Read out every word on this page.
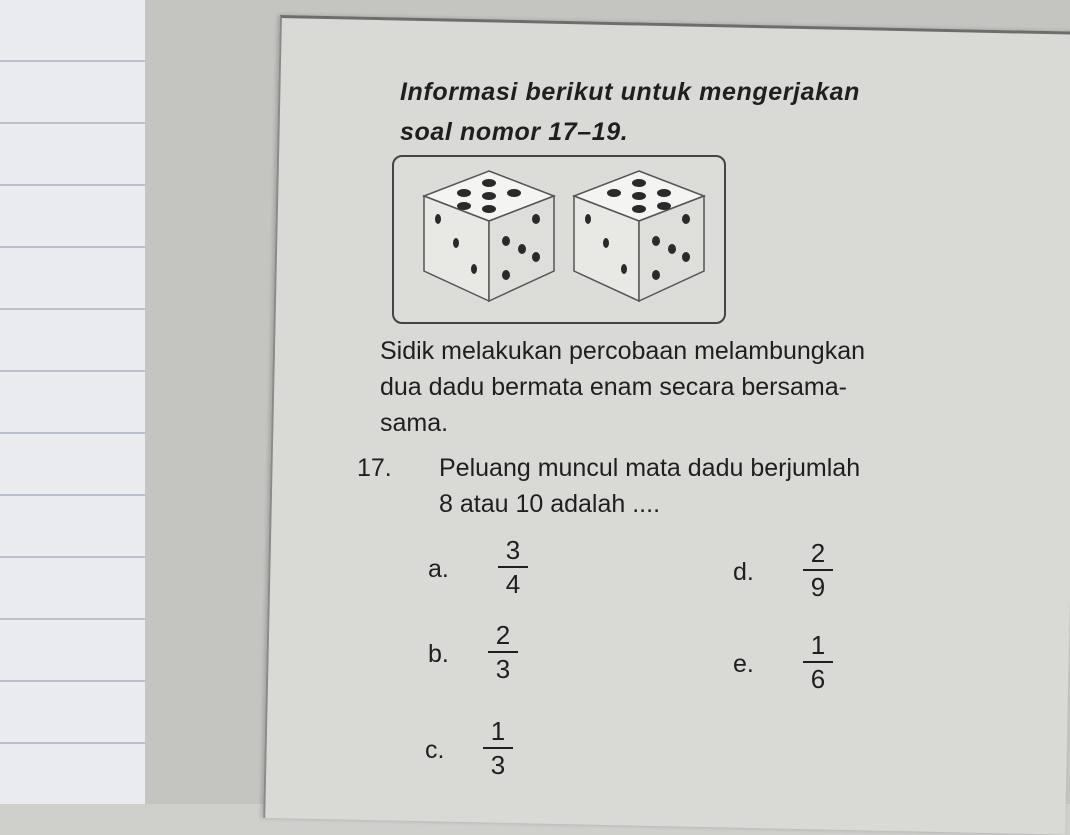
Informasi berikut untuk mengerjakan
soal nomor 17–19.
Sidik melakukan percobaan melambungkan
dua dadu bermata enam secara bersama-
sama.
17. Peluang muncul mata dadu berjumlah
8 atau 10 adalah ....
a.
3
4
b.
2
3
c.
1
3
d.
2
9
e.
1
6
